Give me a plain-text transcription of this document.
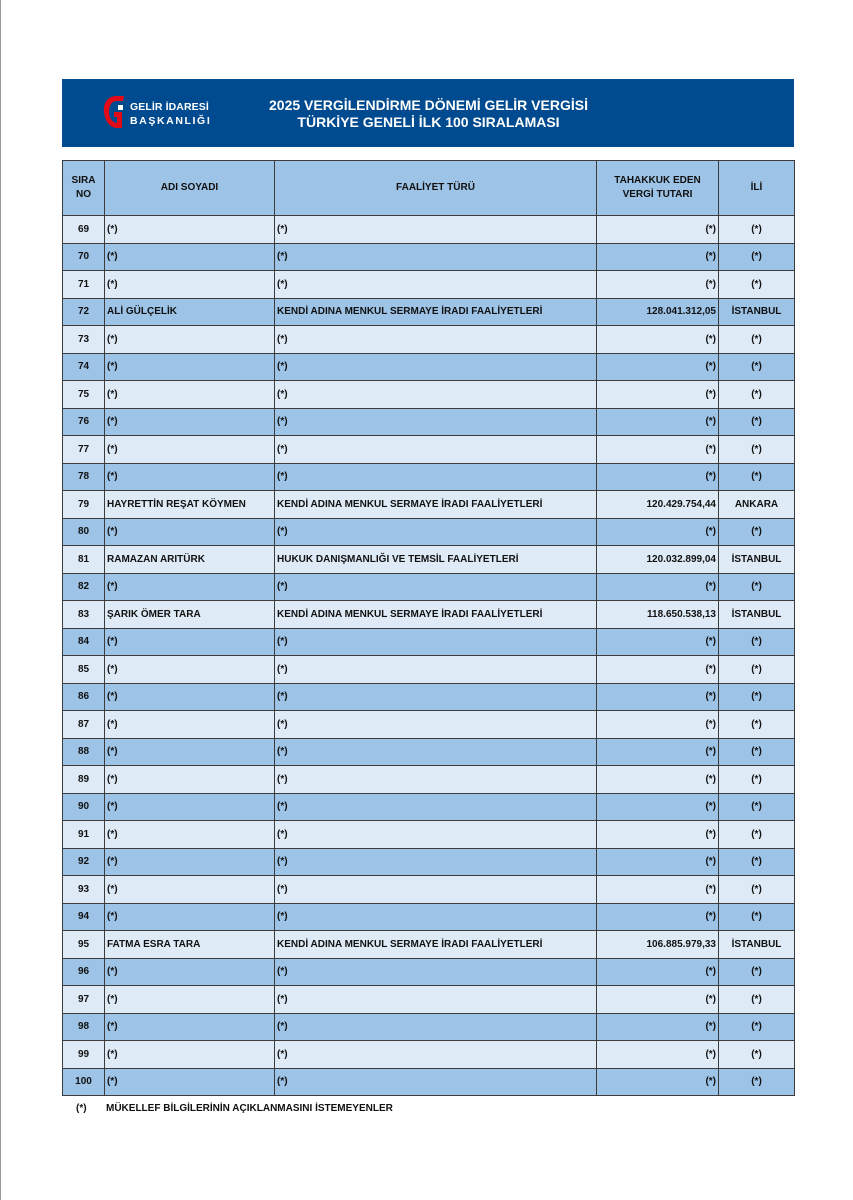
GELİR İDARESİ
BAŞKANLIĞI
2025 VERGİLENDİRME DÖNEMİ GELİR VERGİSİ
TÜRKİYE GENELİ İLK 100 SIRALAMASI
SIRA
NO	ADI SOYADI	FAALİYET TÜRÜ	TAHAKKUK EDEN
VERGİ TUTARI	İLİ
69	(*)	(*)	(*)	(*)
70	(*)	(*)	(*)	(*)
71	(*)	(*)	(*)	(*)
72	ALİ GÜLÇELİK	KENDİ ADINA MENKUL SERMAYE İRADI FAALİYETLERİ	128.041.312,05	İSTANBUL
73	(*)	(*)	(*)	(*)
74	(*)	(*)	(*)	(*)
75	(*)	(*)	(*)	(*)
76	(*)	(*)	(*)	(*)
77	(*)	(*)	(*)	(*)
78	(*)	(*)	(*)	(*)
79	HAYRETTİN REŞAT KÖYMEN	KENDİ ADINA MENKUL SERMAYE İRADI FAALİYETLERİ	120.429.754,44	ANKARA
80	(*)	(*)	(*)	(*)
81	RAMAZAN ARITÜRK	HUKUK DANIŞMANLIĞI VE TEMSİL FAALİYETLERİ	120.032.899,04	İSTANBUL
82	(*)	(*)	(*)	(*)
83	ŞARIK ÖMER TARA	KENDİ ADINA MENKUL SERMAYE İRADI FAALİYETLERİ	118.650.538,13	İSTANBUL
84	(*)	(*)	(*)	(*)
85	(*)	(*)	(*)	(*)
86	(*)	(*)	(*)	(*)
87	(*)	(*)	(*)	(*)
88	(*)	(*)	(*)	(*)
89	(*)	(*)	(*)	(*)
90	(*)	(*)	(*)	(*)
91	(*)	(*)	(*)	(*)
92	(*)	(*)	(*)	(*)
93	(*)	(*)	(*)	(*)
94	(*)	(*)	(*)	(*)
95	FATMA ESRA TARA	KENDİ ADINA MENKUL SERMAYE İRADI FAALİYETLERİ	106.885.979,33	İSTANBUL
96	(*)	(*)	(*)	(*)
97	(*)	(*)	(*)	(*)
98	(*)	(*)	(*)	(*)
99	(*)	(*)	(*)	(*)
100	(*)	(*)	(*)	(*)
(*) MÜKELLEF BİLGİLERİNİN AÇIKLANMASINI İSTEMEYENLER
